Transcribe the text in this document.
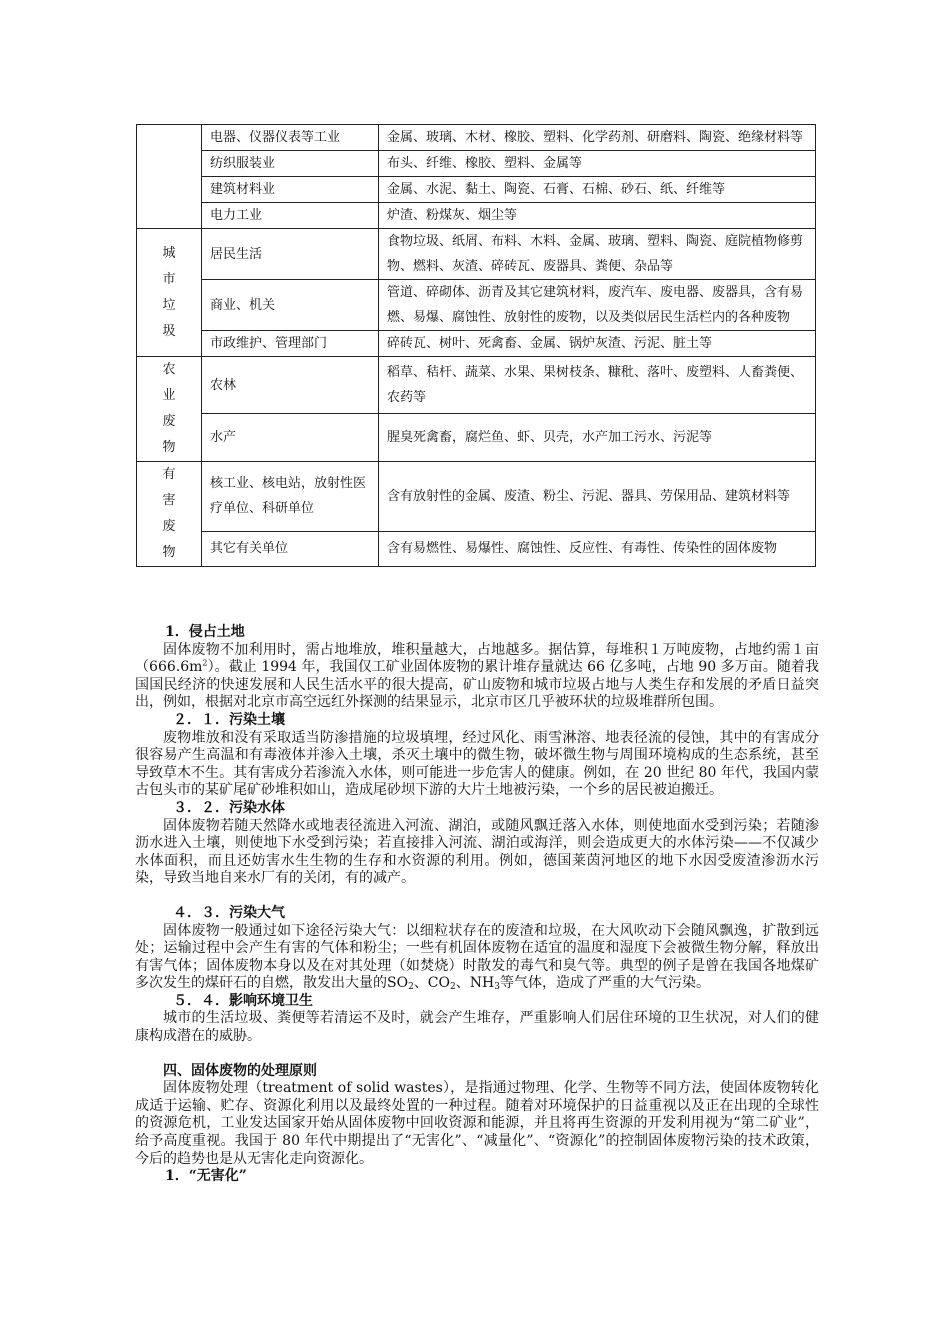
	电器、仪器仪表等工业	金属、玻璃、木材、橡胶、塑料、化学药剂、研磨料、陶瓷、绝缘材料等
	纺织服装业	布头、纤维、橡胶、塑料、金属等
	建筑材料业	金属、水泥、黏土、陶瓷、石膏、石棉、砂石、纸、纤维等
	电力工业	炉渣、粉煤灰、烟尘等

城
市
垃
圾	居民生活	食物垃圾、纸屑、布料、木料、金属、玻璃、塑料、陶瓷、庭院植物修剪物、燃料、灰渣、碎砖瓦、废器具、粪便、杂品等
	商业、机关	管道、碎砌体、沥青及其它建筑材料，废汽车、废电器、废器具，含有易燃、易爆、腐蚀性、放射性的废物，以及类似居民生活栏内的各种废物
	市政维护、管理部门	碎砖瓦、树叶、死禽畜、金属、锅炉灰渣、污泥、脏土等

农
业
废
物	农林	稻草、秸杆、蔬菜、水果、果树枝条、糠秕、落叶、废塑料、人畜粪便、农药等
	水产	腥臭死禽畜，腐烂鱼、虾、贝壳，水产加工污水、污泥等

有
害
废
物	核工业、核电站，放射性医疗单位、科研单位	含有放射性的金属、废渣、粉尘、污泥、器具、劳保用品、建筑材料等
	其它有关单位	含有易燃性、易爆性、腐蚀性、反应性、有毒性、传染性的固体废物
1．侵占土地

固体废物不加利用时，需占地堆放，堆积量越大，占地越多。据估算，每堆积１万吨废物，占地约需１亩$(666.6m^2)$。截止 1994 年，我国仅工矿业固体废物的累计堆存量就达 66 亿多吨，占地 90 多万亩。随着我国国民经济的快速发展和人民生活水平的很大提高，矿山废物和城市垃圾占地与人类生存和发展的矛盾日益突出，例如，根据对北京市高空远红外探测的结果显示，北京市区几乎被环状的垃圾堆群所包围。

２．１．污染土壤

废物堆放和没有采取适当防渗措施的垃圾填埋，经过风化、雨雪淋溶、地表径流的侵蚀，其中的有害成分很容易产生高温和有毒液体并渗入土壤，杀灭土壤中的微生物，破坏微生物与周围环境构成的生态系统，甚至导致草木不生。其有害成分若渗流入水体，则可能进一步危害人的健康。例如，在 20 世纪 80 年代，我国内蒙古包头市的某矿尾矿砂堆积如山，造成尾砂坝下游的大片土地被污染，一个乡的居民被迫搬迁。

３．２．污染水体

固体废物若随天然降水或地表径流进入河流、湖泊，或随风飘迁落入水体，则使地面水受到污染；若随渗沥水进入土壤，则使地下水受到污染；若直接排入河流、湖泊或海洋，则会造成更大的水体污染——不仅减少水体面积，而且还妨害水生生物的生存和水资源的利用。例如，德国莱茵河地区的地下水因受废渣渗沥水污染，导致当地自来水厂有的关闭，有的减产。

４．３．污染大气

固体废物一般通过如下途径污染大气：以细粒状存在的废渣和垃圾，在大风吹动下会随风飘逸，扩散到远处；运输过程中会产生有害的气体和粉尘；一些有机固体废物在适宜的温度和湿度下会被微生物分解，释放出有害气体；固体废物本身以及在对其处理（如焚烧）时散发的毒气和臭气等。典型的例子是曾在我国各地煤矿多次发生的煤矸石的自燃，散发出大量的$SO_2$、$CO_2$、$NH_3$等气体，造成了严重的大气污染。

５．４．影响环境卫生

城市的生活垃圾、粪便等若清运不及时，就会产生堆存，严重影响人们居住环境的卫生状况，对人们的健康构成潜在的威胁。

四、固体废物的处理原则

固体废物处理（treatment of solid wastes），是指通过物理、化学、生物等不同方法，使固体废物转化成适于运输、贮存、资源化利用以及最终处置的一种过程。随着对环境保护的日益重视以及正在出现的全球性的资源危机，工业发达国家开始从固体废物中回收资源和能源，并且将再生资源的开发利用视为“第二矿业”，给予高度重视。我国于 80 年代中期提出了“无害化”、“减量化”、“资源化”的控制固体废物污染的技术政策，今后的趋势也是从无害化走向资源化。

1．“无害化”
